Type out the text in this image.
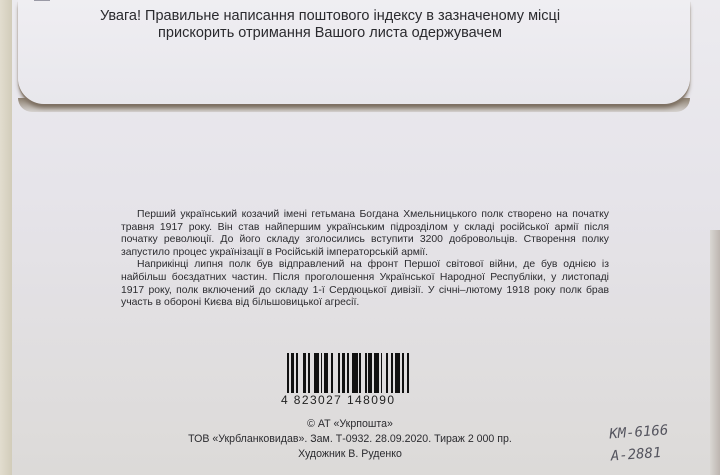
Увага! Правильне написання поштового індексу в зазначеному місці
прискорить отримання Вашого листа одержувачем

Перший український козачий імені гетьмана Богдана Хмельницького полк створено на початку травня 1917 року. Він став найпершим українським підрозділом у складі російської армії після початку революції. До його складу зголосились вступити 3200 добровольців. Створення полку запустило процес українізації в Російській імператорській армії.

Наприкінці липня полк був відправлений на фронт Першої світової війни, де був однією із найбільш боєздатних частин. Після проголошення Української Народної Республіки, у листопаді 1917 року, полк включений до складу 1-ї Сердюцької дивізії. У січні–лютому 1918 року полк брав участь в обороні Києва від більшовицької агресії.

4 823027 148090
© АТ «Укрпошта»
ТОВ «Укрбланковидав». Зам. Т-0932. 28.09.2020. Тираж 2 000 пр.
Художник В. Руденко
КМ-6166
А-2881
